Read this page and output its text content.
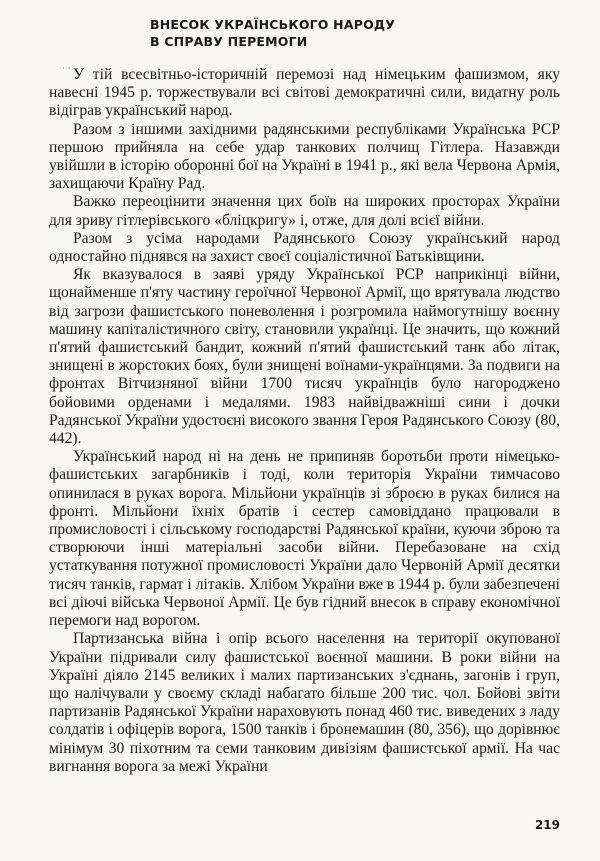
ВНЕСОК УКРАЇНСЬКОГО НАРОДУ
В СПРАВУ ПЕРЕМОГИ
· · У тій всесвітньо-історичній перемозі над німецьким фашизмом, яку навесні 1945 р. торжествували всі світові демократичні сили, видатну роль відіграв український народ.

Разом з іншими західними радянськими республіками Українська РСР першою прийняла на себе удар танкових полчищ Гітлера. Назавжди увійшли в історію оборонні бої на Україні в 1941 р., які вела Червона Армія, захищаючи Країну Рад.

Важко переоцінити значення цих боїв на широких просторах України для зриву гітлерівського «бліцкригу» і, отже, для долі всієї війни.

Разом з усіма народами Радянського Союзу український народ одностайно піднявся на захист своєї соціалістичної Батьківщини.

Як вказувалося в заяві уряду Української РСР наприкінці війни, щонайменше п'яту частину героїчної Червоної Армії, що врятувала людство від загрози фашистського поневолення і розгромила наймогутнішу воєнну машину капіталістичного світу, становили українці. Це значить, що кожний п'ятий фашистський бандит, кожний п'ятий фашистський танк або літак, знищені в жорстоких боях, були знищені воїнами-українцями. За подвиги на фронтах Вітчизняної війни 1700 тисяч українців було нагороджено бойовими орденами і медалями. 1983 найвідважніші сини і дочки Радянської України удостоєні високого звання Героя Радянського Союзу (80, 442).

Український народ ні на день не припиняв боротьби проти німецько-фашистських загарбників і тоді, коли територія України тимчасово опинилася в руках ворога. Мільйони українців зі зброєю в руках билися на фронті. Мільйони їхніх братів і сестер самовіддано працювали в промисловості і сільському господарстві Радянської країни, куючи зброю та створюючи інші матеріальні засоби війни. Перебазоване на схід устаткування потужної промисловості України дало Червоній Армії десятки тисяч танків, гармат і літаків. Хлібом України вже в 1944 р. були забезпечені всі діючі війська Червоної Армії. Це був гідний внесок в справу економічної перемоги над ворогом.

Партизанська війна і опір всього населення на території окупованої України підривали силу фашистської воєнної машини. В роки війни на Україні діяло 2145 великих і малих партизанських з'єднань, загонів і груп, що налічували у своєму складі набагато більше 200 тис. чол. Бойові звіти партизанів Радянської України нараховують понад 460 тис. виведених з ладу солдатів і офіцерів ворога, 1500 танків і бронемашин (80, 356), що дорівнює мінімум 30 піхотним та семи танковим дивізіям фашистської армії. На час вигнання ворога за межі України

219
